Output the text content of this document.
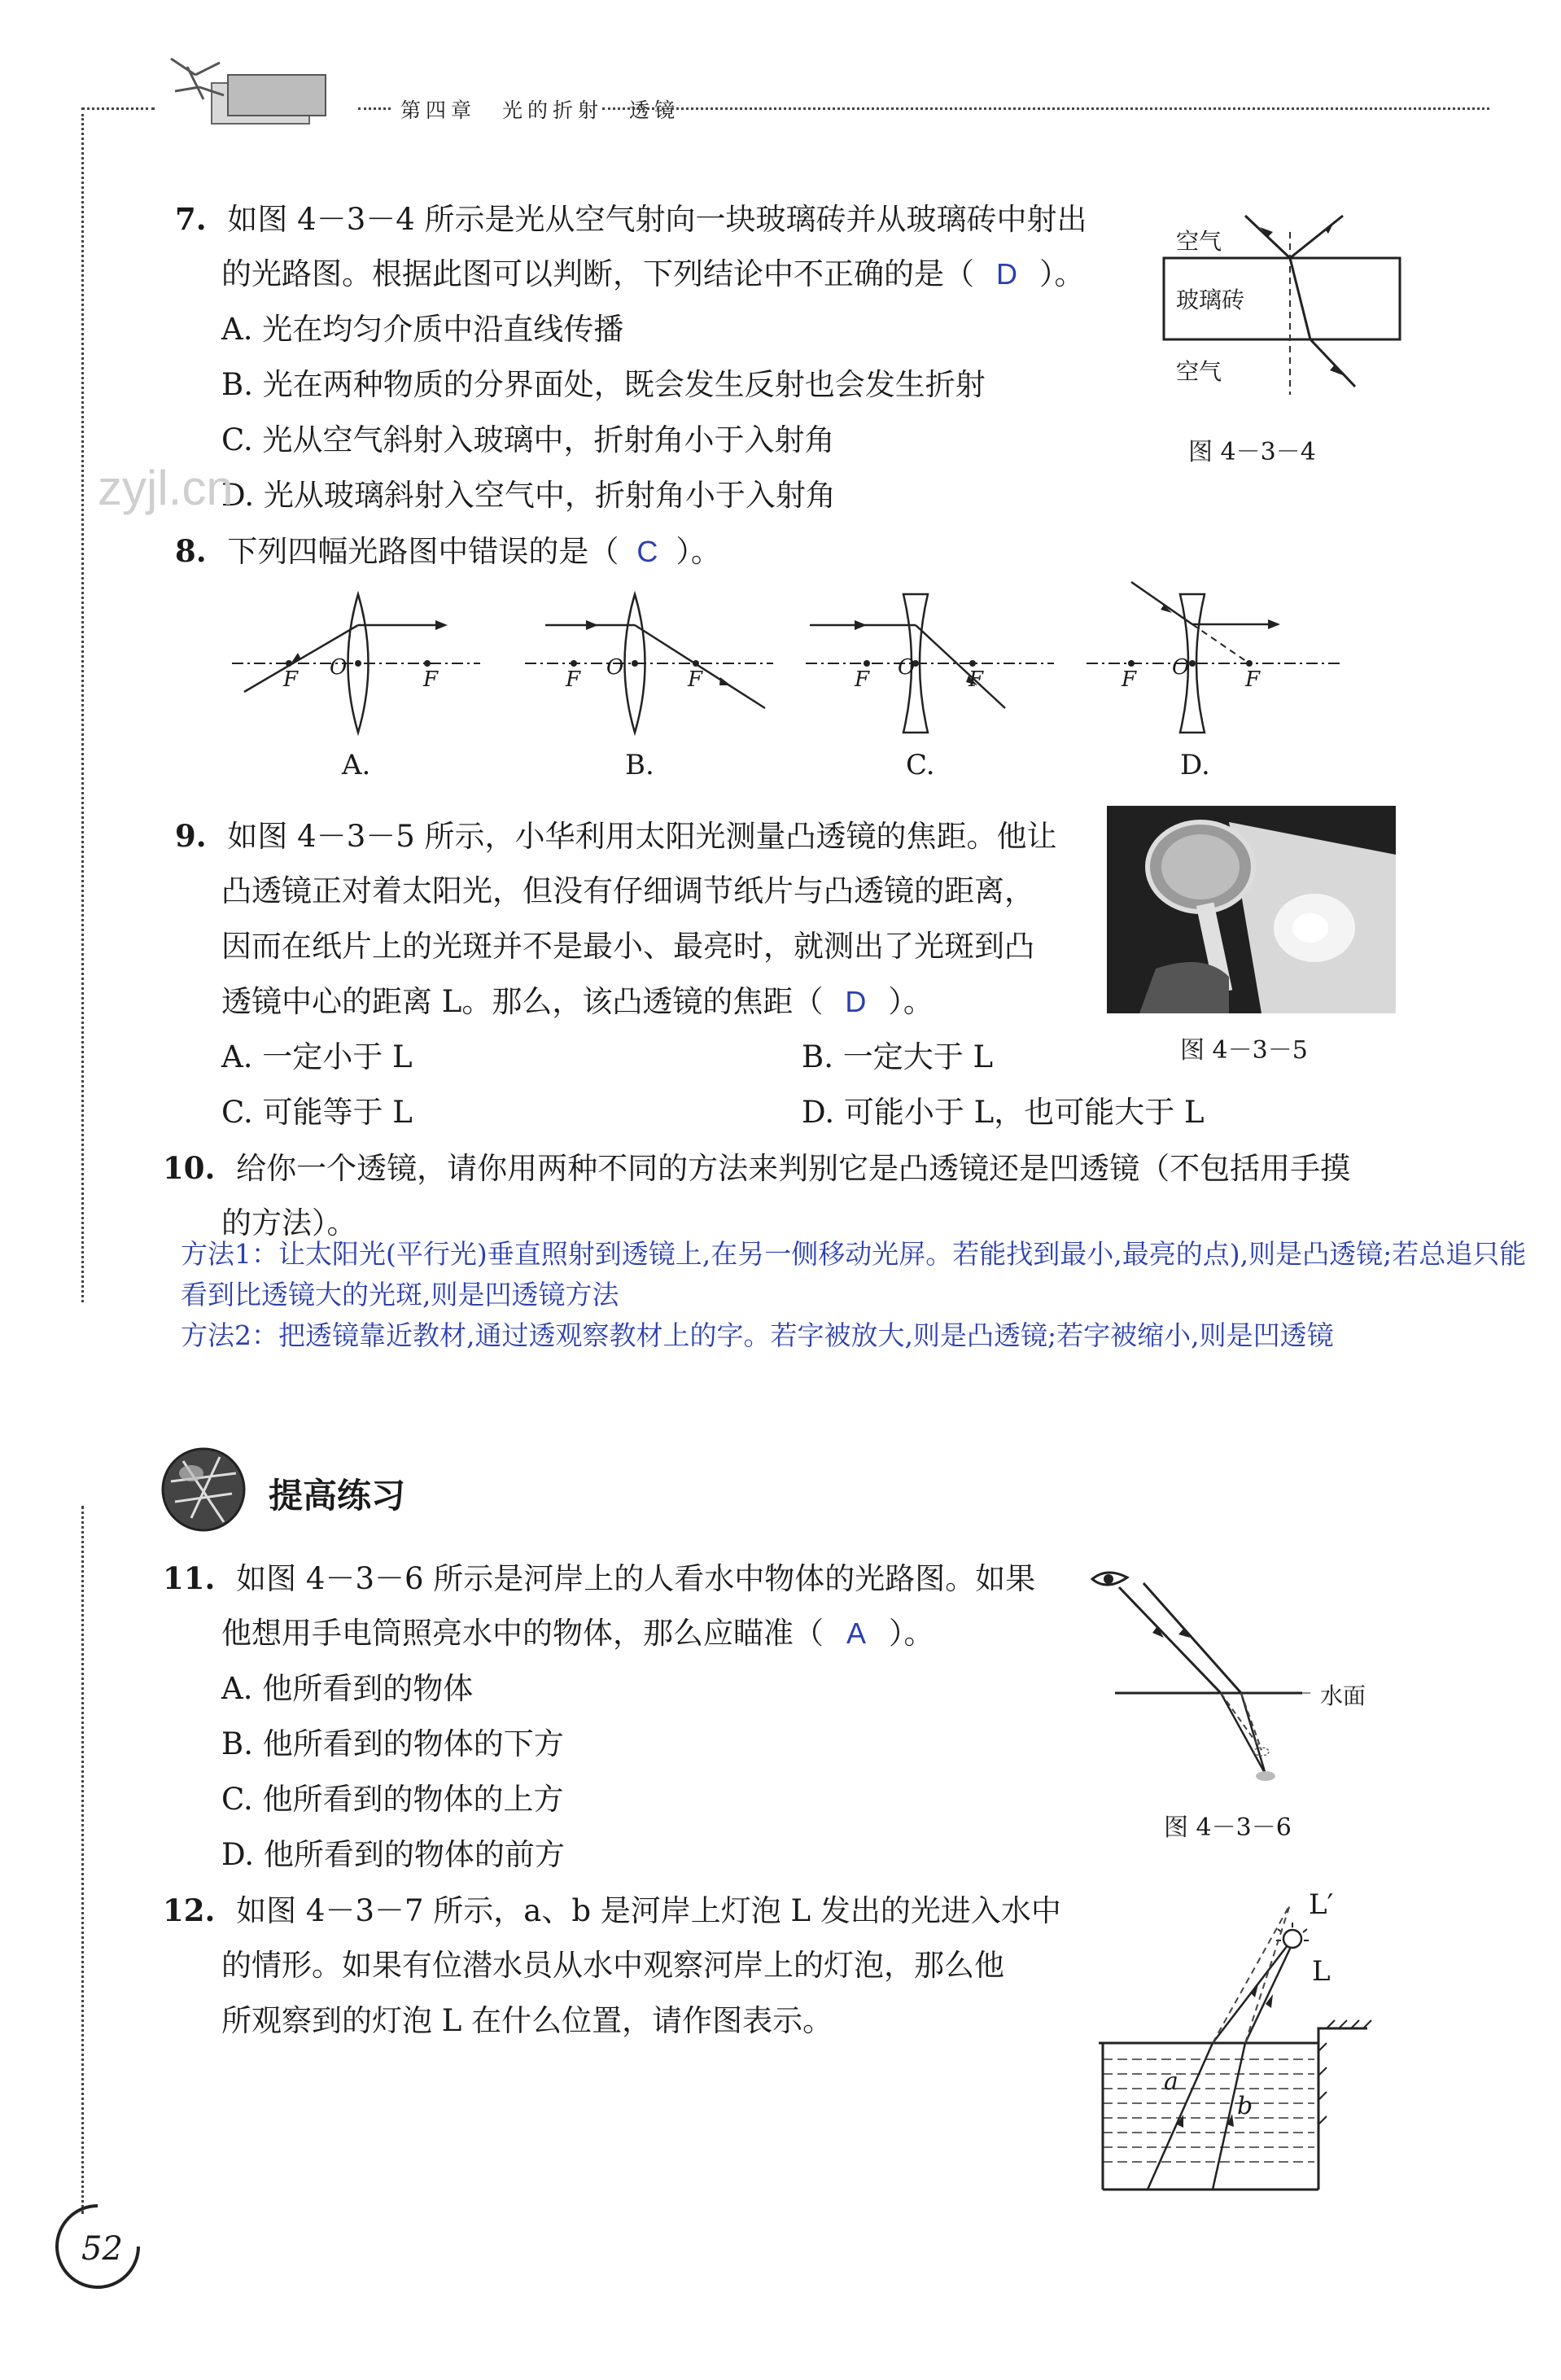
第四章 光的折射 透镜
7. 如图 4－3－4 所示是光从空气射向一块玻璃砖并从玻璃砖中射出
的光路图。根据此图可以判断，下列结论中不正确的是（ D ）。
A. 光在均匀介质中沿直线传播
B. 光在两种物质的分界面处，既会发生反射也会发生折射
C. 光从空气斜射入玻璃中，折射角小于入射角
D. 光从玻璃斜射入空气中，折射角小于入射角
zyjl.cn
空气
玻璃砖
空气
图 4－3－4
8. 下列四幅光路图中错误的是（ C ）。
F O	F
A.
F O	F
B.
F O	F
C.
F O	F
D.
9. 如图 4－3－5 所示，小华利用太阳光测量凸透镜的焦距。他让
凸透镜正对着太阳光，但没有仔细调节纸片与凸透镜的距离，
因而在纸片上的光斑并不是最小、最亮时，就测出了光斑到凸
透镜中心的距离 L。那么，该凸透镜的焦距（ D ）。
A. 一定小于 L	B. 一定大于 L
C. 可能等于 L	D. 可能小于 L，也可能大于 L
图 4－3－5
10. 给你一个透镜，请你用两种不同的方法来判别它是凸透镜还是凹透镜（不包括用手摸
的方法）。
方法1：让太阳光(平行光)垂直照射到透镜上,在另一侧移动光屏。若能找到最小,最亮的点),则是凸透镜;若总追只能看到比透镜大的光斑,则是凹透镜方法
方法2：把透镜靠近教材,通过透观察教材上的字。若字被放大,则是凸透镜;若字被缩小,则是凹透镜
提高练习
11. 如图 4－3－6 所示是河岸上的人看水中物体的光路图。如果
他想用手电筒照亮水中的物体，那么应瞄准（ A ）。
A. 他所看到的物体
B. 他所看到的物体的下方
C. 他所看到的物体的上方
D. 他所看到的物体的前方
水面
图 4－3－6
12. 如图 4－3－7 所示，a、b 是河岸上灯泡 L 发出的光进入水中
的情形。如果有位潜水员从水中观察河岸上的灯泡，那么他
所观察到的灯泡 L 在什么位置，请作图表示。
L′
L
a
b
52
